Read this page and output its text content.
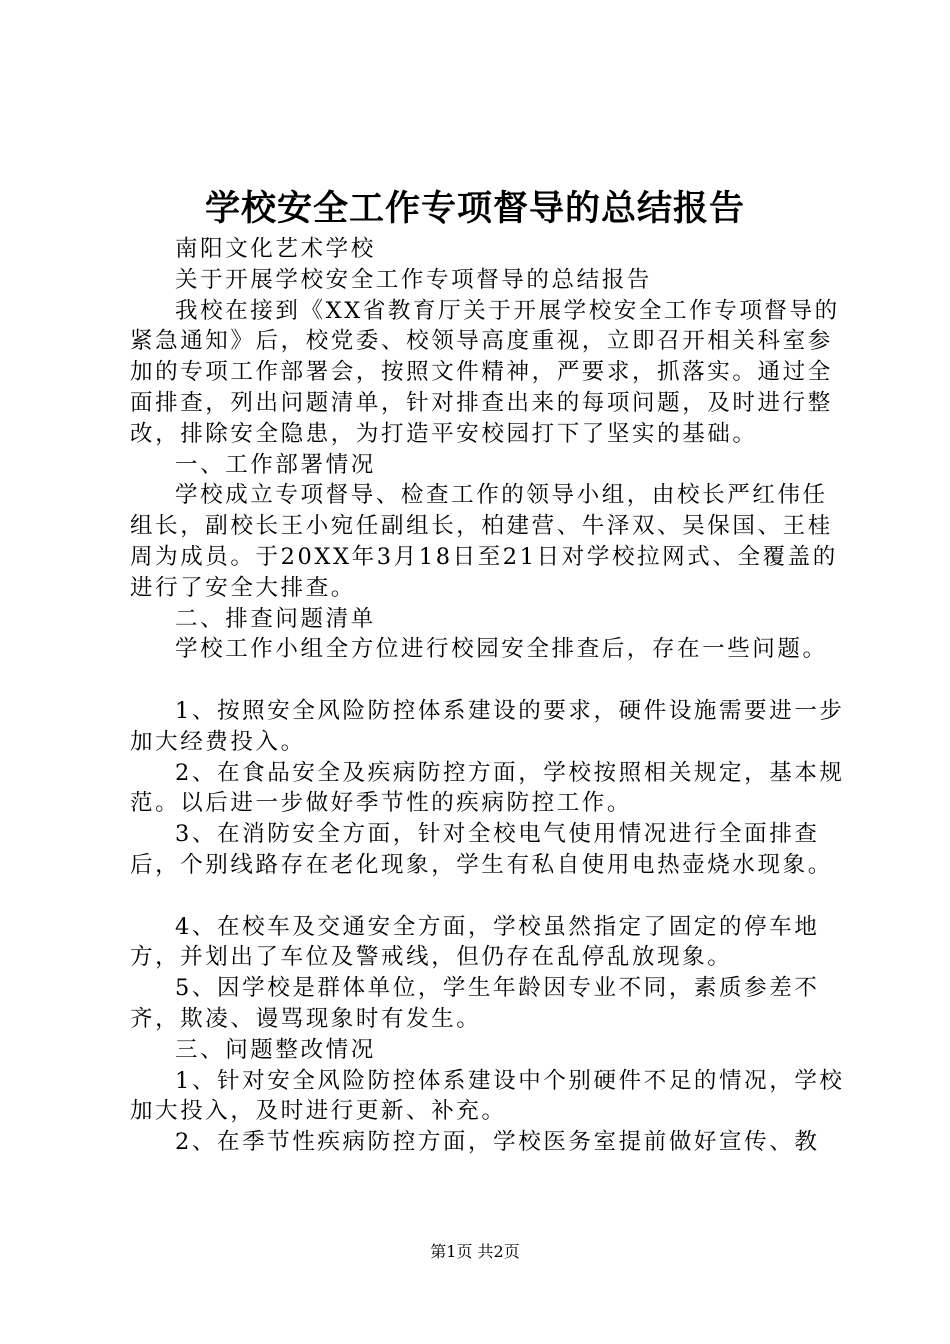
学校安全工作专项督导的总结报告

南阳文化艺术学校

关于开展学校安全工作专项督导的总结报告

我校在接到《XX省教育厅关于开展学校安全工作专项督导的紧急通知》后，校党委、校领导高度重视，立即召开相关科室参加的专项工作部署会，按照文件精神，严要求，抓落实。通过全面排查，列出问题清单，针对排查出来的每项问题，及时进行整改，排除安全隐患，为打造平安校园打下了坚实的基础。

一、工作部署情况

学校成立专项督导、检查工作的领导小组，由校长严红伟任组长，副校长王小宛任副组长，柏建营、牛泽双、吴保国、王桂周为成员。于20XX年3月18日至21日对学校拉网式、全覆盖的进行了安全大排查。

二、排查问题清单

学校工作小组全方位进行校园安全排查后，存在一些问题。

1、按照安全风险防控体系建设的要求，硬件设施需要进一步加大经费投入。

2、在食品安全及疾病防控方面，学校按照相关规定，基本规范。以后进一步做好季节性的疾病防控工作。

3、在消防安全方面，针对全校电气使用情况进行全面排查后，个别线路存在老化现象，学生有私自使用电热壶烧水现象。

4、在校车及交通安全方面，学校虽然指定了固定的停车地方，并划出了车位及警戒线，但仍存在乱停乱放现象。

5、因学校是群体单位，学生年龄因专业不同，素质参差不齐，欺凌、谩骂现象时有发生。

三、问题整改情况

1、针对安全风险防控体系建设中个别硬件不足的情况，学校加大投入，及时进行更新、补充。

2、在季节性疾病防控方面，学校医务室提前做好宣传、教

第1页 共2页
